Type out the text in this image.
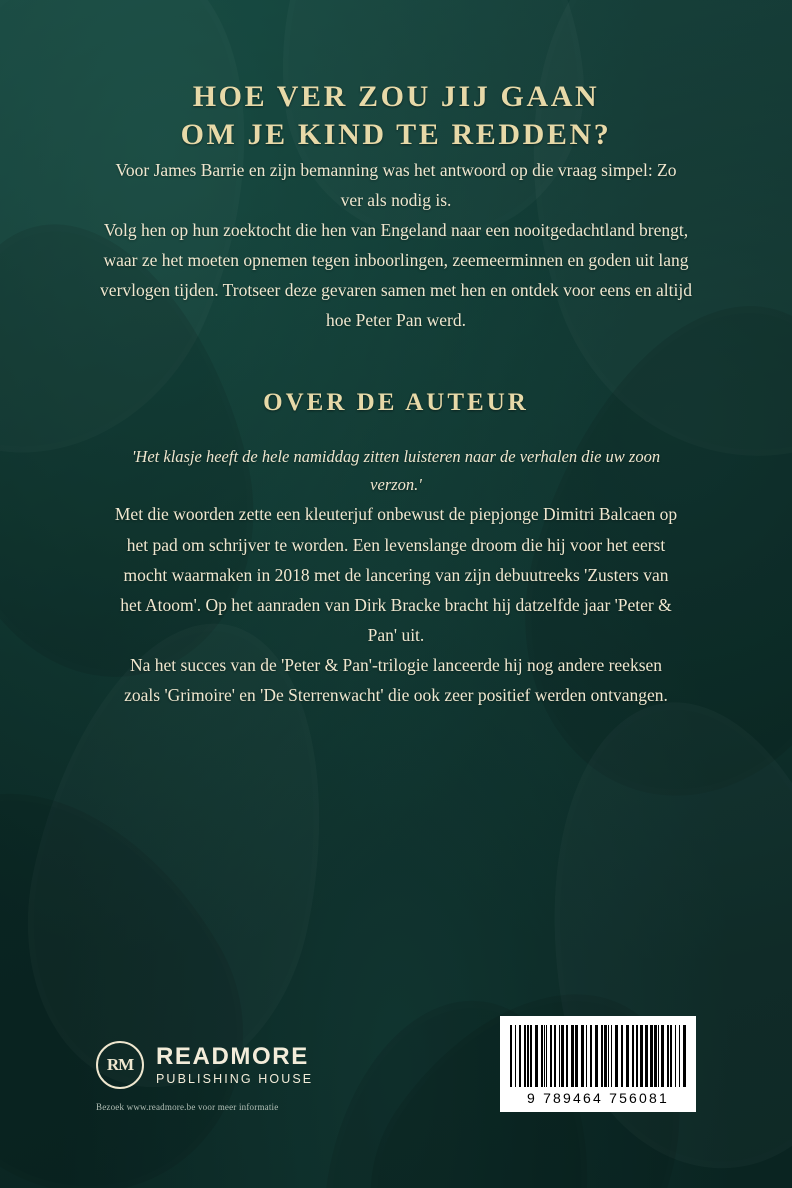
HOE VER ZOU JIJ GAAN
OM JE KIND TE REDDEN?

Voor James Barrie en zijn bemanning was het antwoord op die vraag simpel: Zo ver als nodig is.

Volg hen op hun zoektocht die hen van Engeland naar een nooitgedachtland brengt, waar ze het moeten opnemen tegen inboorlingen, zeemeerminnen en goden uit lang vervlogen tijden. Trotseer deze gevaren samen met hen en ontdek voor eens en altijd hoe Peter Pan werd.

OVER DE AUTEUR

'Het klasje heeft de hele namiddag zitten luisteren naar de verhalen die uw zoon verzon.'

Met die woorden zette een kleuterjuf onbewust de piepjonge Dimitri Balcaen op het pad om schrijver te worden. Een levenslange droom die hij voor het eerst mocht waarmaken in 2018 met de lancering van zijn debuutreeks 'Zusters van het Atoom'. Op het aanraden van Dirk Bracke bracht hij datzelfde jaar 'Peter & Pan' uit.

Na het succes van de 'Peter & Pan'-trilogie lanceerde hij nog andere reeksen zoals 'Grimoire' en 'De Sterrenwacht' die ook zeer positief werden ontvangen.

RM READMORE
PUBLISHING HOUSE
Bezoek www.readmore.be voor meer informatie
9 789464 756081
